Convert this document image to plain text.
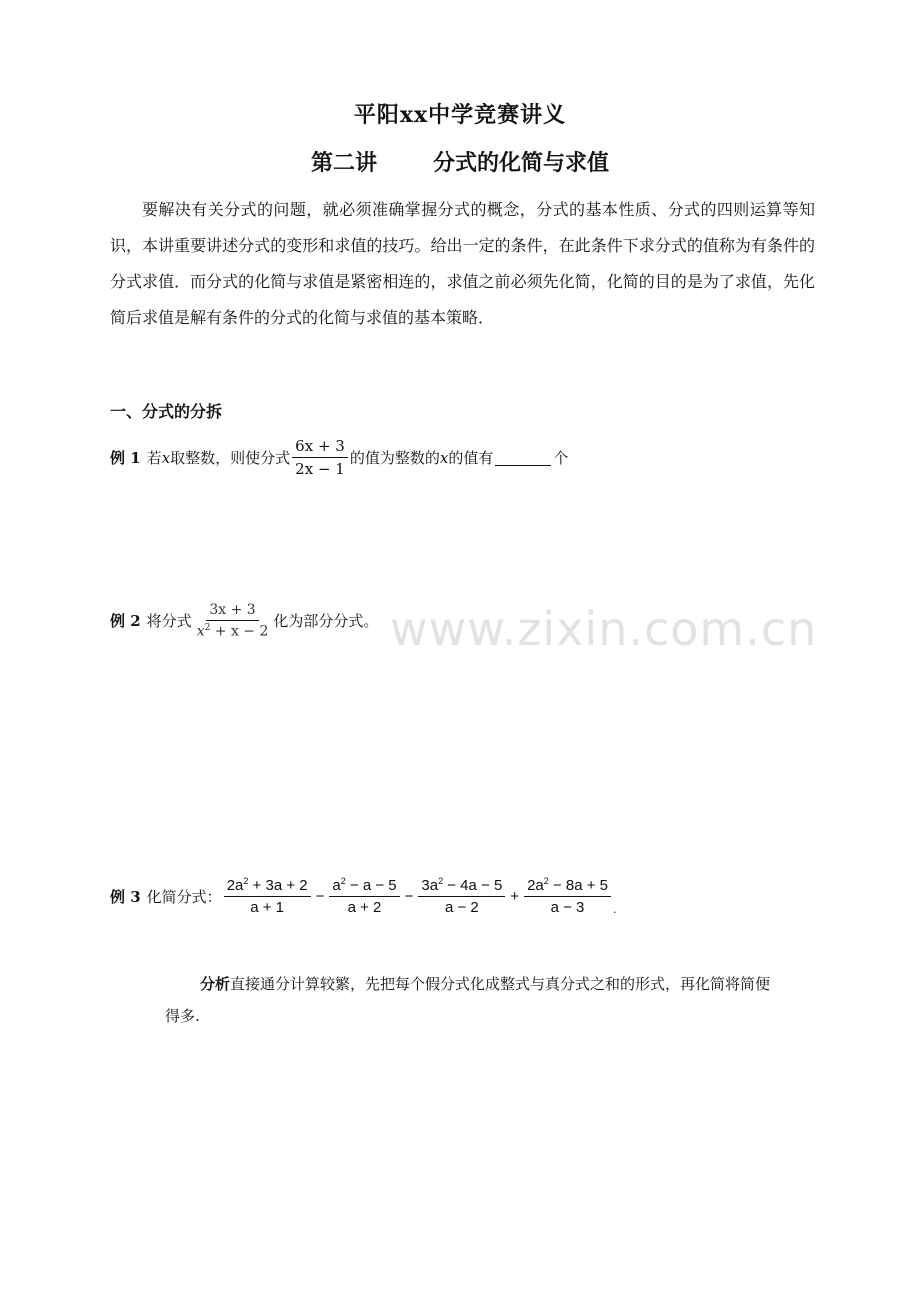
平阳xx中学竞赛讲义
第二讲	分式的化简与求值

要解决有关分式的问题，就必须准确掌握分式的概念，分式的基本性质、分式的四则运算等知识，本讲重要讲述分式的变形和求值的技巧。给出一定的条件，在此条件下求分式的值称为有条件的分式求值．而分式的化简与求值是紧密相连的，求值之前必须先化简，化简的目的是为了求值，先化简后求值是解有条件的分式的化简与求值的基本策略．

一、分式的分拆
例 1 若 x 取整数，则使分式 $\frac{6x + 3}{2x - 1}$ 的值为整数的 x 的值有	个
例 2 将分式 $\frac{3x + 3}{x^2 + x - 2}$ 化为部分分式。
例 3 化简分式： $\frac{2a^2 + 3a + 2}{a + 1} - \frac{a^2 - a - 5}{a + 2} - \frac{3a^2 - 4a - 5}{a - 2} + \frac{2a^2 - 8a + 5}{a - 3}$ .
分析直接通分计算较繁，先把每个假分式化成整式与真分式之和的形式，再化简将简便
得多.
www.zixin.com.cn
